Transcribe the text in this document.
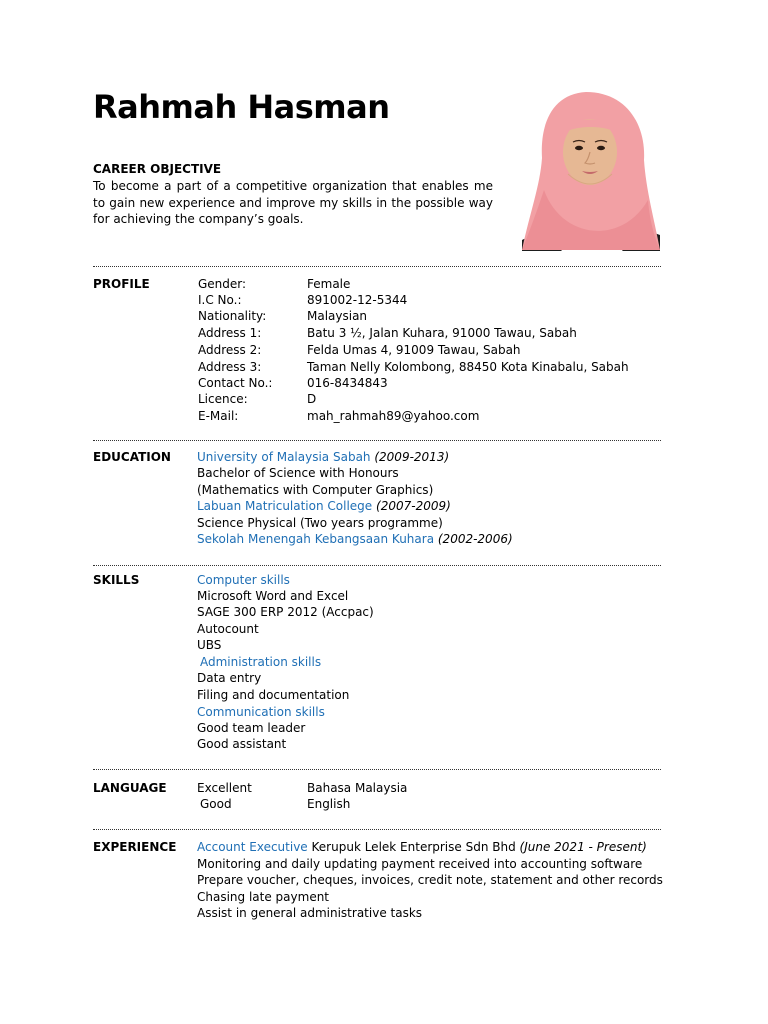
Rahmah Hasman
CAREER OBJECTIVE
To become a part of a competitive organization that enables me to gain new experience and improve my skills in the possible way for achieving the company’s goals.
PROFILE	Gender:	Female
I.C No.:	891002-12-5344
Nationality:	Malaysian
Address 1:	Batu 3 ½, Jalan Kuhara, 91000 Tawau, Sabah
Address 2:	Felda Umas 4, 91009 Tawau, Sabah
Address 3:	Taman Nelly Kolombong, 88450 Kota Kinabalu, Sabah
Contact No.:	016-8434843
Licence:	D
E-Mail:	mah_rahmah89@yahoo.com
EDUCATION University of Malaysia Sabah (2009-2013)
Bachelor of Science with Honours
(Mathematics with Computer Graphics)
Labuan Matriculation College (2007-2009)
Science Physical (Two years programme)
Sekolah Menengah Kebangsaan Kuhara (2002-2006)
SKILLS	Computer skills
Microsoft Word and Excel
SAGE 300 ERP 2012 (Accpac)
Autocount
UBS
Administration skills
Data entry
Filing and documentation
Communication skills
Good team leader
Good assistant
LANGUAGE	Excellent	Bahasa Malaysia
Good	English
EXPERIENCE Account Executive Kerupuk Lelek Enterprise Sdn Bhd (June 2021 - Present)
Monitoring and daily updating payment received into accounting software
Prepare voucher, cheques, invoices, credit note, statement and other records
Chasing late payment
Assist in general administrative tasks
